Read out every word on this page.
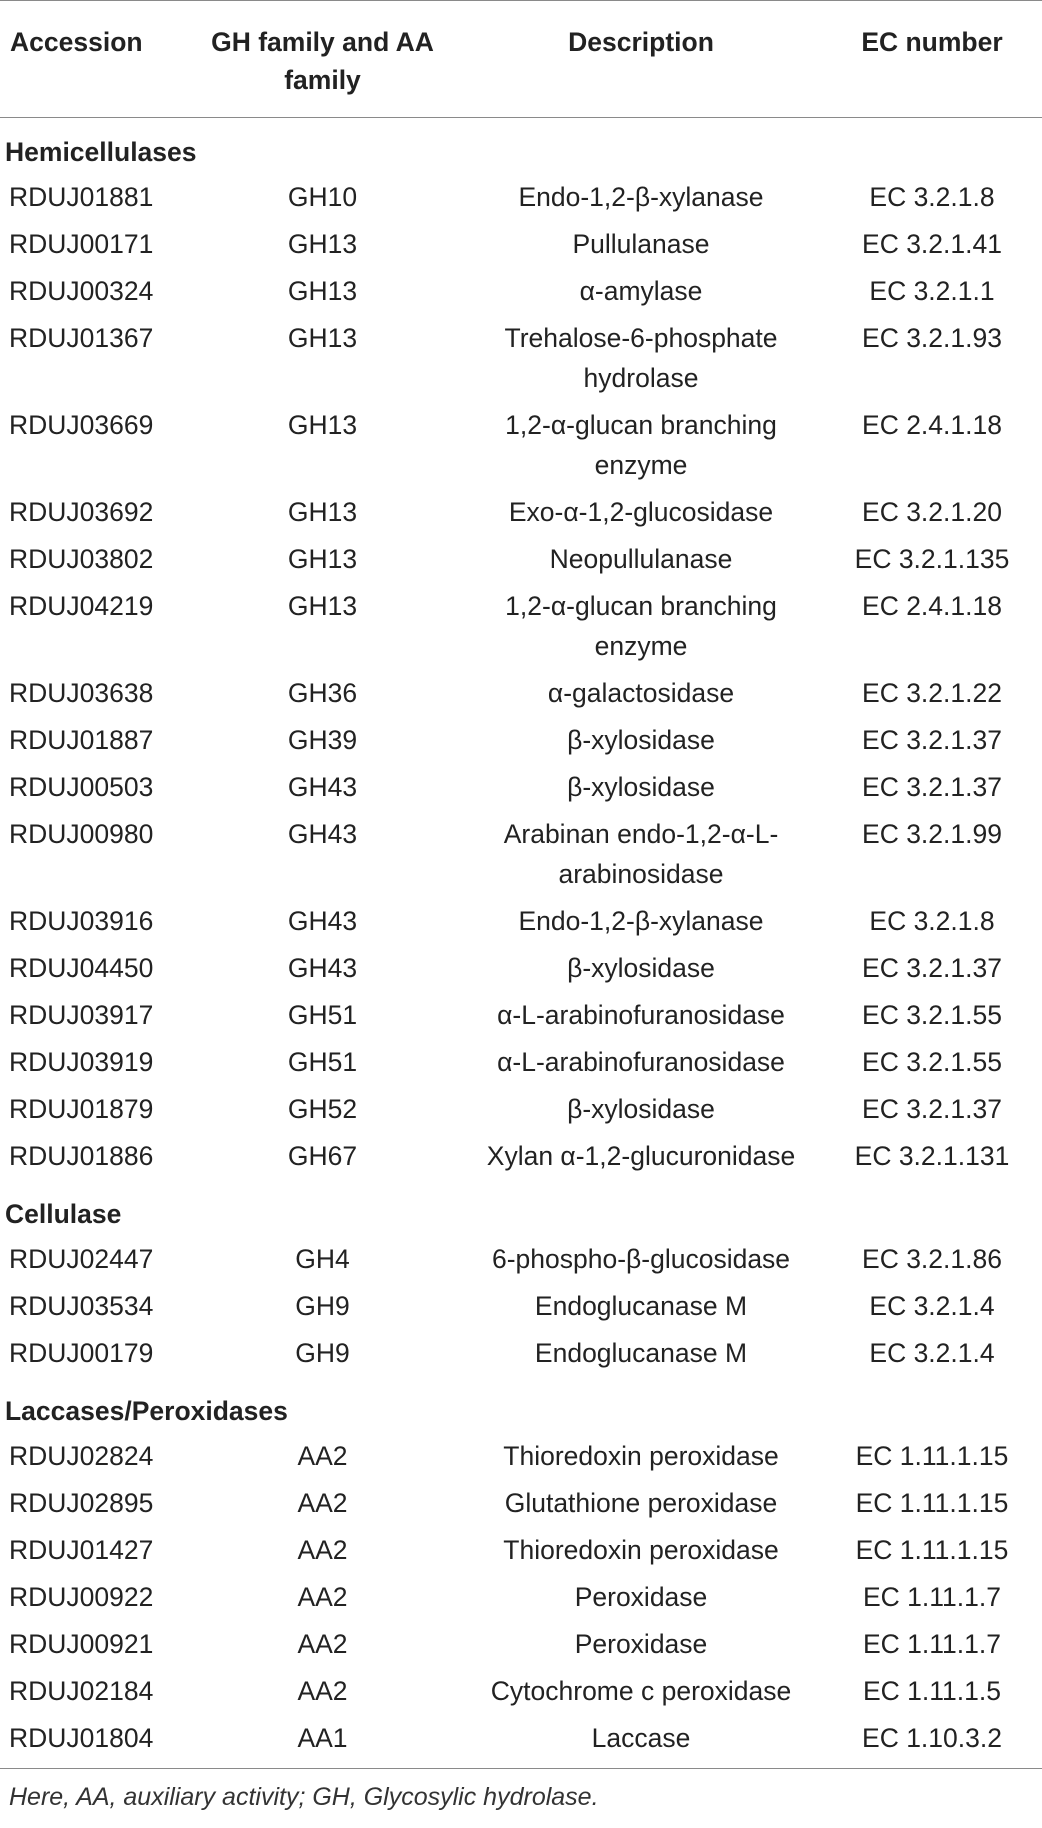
Accession	GH family and AA family	Description	EC number
Hemicellulases			
RDUJ01881	GH10	Endo-1,2-β-xylanase	EC 3.2.1.8
RDUJ00171	GH13	Pullulanase	EC 3.2.1.41
RDUJ00324	GH13	α-amylase	EC 3.2.1.1
RDUJ01367	GH13	Trehalose-6-phosphate hydrolase	EC 3.2.1.93
RDUJ03669	GH13	1,2-α-glucan branching enzyme	EC 2.4.1.18
RDUJ03692	GH13	Exo-α-1,2-glucosidase	EC 3.2.1.20
RDUJ03802	GH13	Neopullulanase	EC 3.2.1.135
RDUJ04219	GH13	1,2-α-glucan branching enzyme	EC 2.4.1.18
RDUJ03638	GH36	α-galactosidase	EC 3.2.1.22
RDUJ01887	GH39	β-xylosidase	EC 3.2.1.37
RDUJ00503	GH43	β-xylosidase	EC 3.2.1.37
RDUJ00980	GH43	Arabinan endo-1,2-α-L-arabinosidase	EC 3.2.1.99
RDUJ03916	GH43	Endo-1,2-β-xylanase	EC 3.2.1.8
RDUJ04450	GH43	β-xylosidase	EC 3.2.1.37
RDUJ03917	GH51	α-L-arabinofuranosidase	EC 3.2.1.55
RDUJ03919	GH51	α-L-arabinofuranosidase	EC 3.2.1.55
RDUJ01879	GH52	β-xylosidase	EC 3.2.1.37
RDUJ01886	GH67	Xylan α-1,2-glucuronidase	EC 3.2.1.131
Cellulase			
RDUJ02447	GH4	6-phospho-β-glucosidase	EC 3.2.1.86
RDUJ03534	GH9	Endoglucanase M	EC 3.2.1.4
RDUJ00179	GH9	Endoglucanase M	EC 3.2.1.4
Laccases/Peroxidases			
RDUJ02824	AA2	Thioredoxin peroxidase	EC 1.11.1.15
RDUJ02895	AA2	Glutathione peroxidase	EC 1.11.1.15
RDUJ01427	AA2	Thioredoxin peroxidase	EC 1.11.1.15
RDUJ00922	AA2	Peroxidase	EC 1.11.1.7
RDUJ00921	AA2	Peroxidase	EC 1.11.1.7
RDUJ02184	AA2	Cytochrome c peroxidase	EC 1.11.1.5
RDUJ01804	AA1	Laccase	EC 1.10.3.2

Here, AA, auxiliary activity; GH, Glycosylic hydrolase.
